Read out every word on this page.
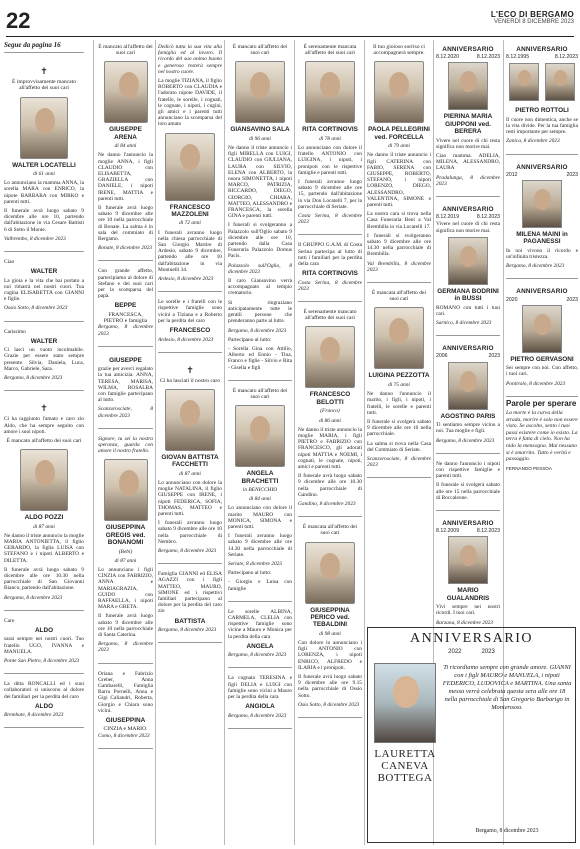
22	L'ECO DI BERGAMO
VENERDÌ 8 DICEMBRE 2023
Segue da pagina 16
✝
È improvvisamente mancato all'affetto dei suoi cari
WALTER LOCATELLI
di 61 anni
Lo annunciano la mamma ANNA, la sorella MARA con ENRICO, la nipote BARBARA con MIRKO e parenti tutti.
Il funerale avrà luogo sabato 9 dicembre alle ore 10, partendo dall'abitazione in via Cesare Battisti 6 di Sotto il Monte.
Valbrembo, 8 dicembre 2023
Ciao
WALTER
La gioia e la vita che hai portato a noi rimarrà nei nostri cuori. Tua cugina ELISABETTA con GIANNI e figlie.
Ossio Sotto, 8 dicembre 2023
Carissimo
WALTER
Ci lasci un vuoto incolmabile. Grazie per essere stato sempre presente. Silvia, Daniela, Luca, Marco, Gabriele, Sara.
Bergamo, 8 dicembre 2023
✝
Ci ha raggiunto l'amato e caro zio Aldo, che ha sempre seguito con amore i suoi nipoti.
È mancato all'affetto dei suoi cari
ALDO POZZI
di 87 anni
Ne danno il triste annuncio la moglie MARIA ANTONIETTA, il figlio GERARDO, la figlia LUISA con STEFANO e i nipoti ALBERTO e DILETTA.
Il funerale avrà luogo sabato 9 dicembre alle ore 10.30 nella parrocchiale di San Giovanni Bianco, partendo dall'abitazione.
Bergamo, 8 dicembre 2023
Caro
ALDO
sarai sempre nei nostri cuori. Tuo fratello UGO, IVANNA e MANUELA.
Ponte San Pietro, 8 dicembre 2023
La ditta RONCALLI ed i suoi collaboratori si uniscono al dolore dei familiari per la perdita del caro
ALDO
Brembate, 8 dicembre 2023
È mancato all'affetto dei suoi cari
GIUSEPPE ARENA
di 84 anni
Ne danno l'annuncio la moglie ANNA, i figli CLAUDIO con ELISABETTA, GRAZIELLA con DANIELE, i nipoti IRENE, MATTIA e parenti tutti.
Il funerale avrà luogo sabato 9 dicembre alle ore 10 nella parrocchiale di Bonate. La salma è in sala del commiato di Bergamo.
Bonate, 8 dicembre 2023
Con grande affetto, partecipiamo al dolore di Stefano e dei suoi cari per la scomparsa del papà.
BEPPE
FRANCESCA, PIETRO e famiglia
Bergamo, 8 dicembre 2023
GIUSEPPE
grazie per averci regalato la tua amicizia. ANNA, TERESA, MARISA, WILMA, ROSALBA con famiglie partecipano al lutto.
Scanzorosciate, 8 dicembre 2023
Signore, tu sei la nostra speranza, guarda con amore il nostro fratello.
GIUSEPPINA GREGIS ved. BONANOMI
(Bebi)
di 87 anni
Lo annunciano i figli CINZIA con FABRIZIO, ANNA e MARIAGRAZIA, GUIDO con RAFFAELLA, i nipoti MARA e GRETA.
Il funerale avrà luogo sabato 9 dicembre alle ore 10 nella parrocchiale di Santa Caterina.
Bergamo, 8 dicembre 2023
Oriana e Fabrizio Greber, Anna Gambarelli, Famiglia Barra Pornelli, Anna e Gigi Caliandri, Roberta, Giorgio e Chiara sono vicini.
GIUSEPPINA
CINZIA e MARIO.
Como, 8 dicembre 2023
Dedicò tutta la sua vita alla famiglia ed al lavoro. Il ricordo del suo animo buono e generoso resterà sempre nel nostro cuore.
La moglie TIZIANA, il figlio ROBERTO con CLAUDIA e l'adorato nipote DAVIDE, il fratello, le sorelle, i cognati, le cognate, i nipoti, i cugini, gli amici e i parenti tutti annunciano la scomparsa del loro amato
FRANCESCO MAZZOLENI
di 72 anni
I funerali avranno luogo nella chiesa parrocchiale di San Giorgio Martire di Ardesio, sabato 9 dicembre, partendo alle ore 10 dall'abitazione in via Montuelli 34.
Ardesio, 8 dicembre 2023
Le sorelle e i fratelli con le rispettive famiglie sono vicini a Tiziana e a Roberto per la perdita del caro
FRANCESCO
Ardesio, 8 dicembre 2023
✝
Ci ha lasciati il nostro caro
GIOVAN BATTISTA FACCHETTI
di 87 anni
Lo annunciano con dolore la moglie NATALINA, il figlio GIUSEPPE con IRENE, i nipoti FEDERICA, SOFIA, THOMAS, MATTEO e parenti tutti.
I funerali avranno luogo sabato 9 dicembre alle ore 10 nella parrocchiale di Nembro.
Bergamo, 8 dicembre 2023
Famiglia GIANNI ed ELISA AGAZZI con i figli MATTEO, MAURO, SIMONE ed i rispettivi familiari partecipano al dolore per la perdita del caro zio
BATTISTA
Bergamo, 8 dicembre 2023
È mancato all'affetto dei suoi cari
GIANSAVINO SALA
di 96 anni
Ne danno il triste annuncio i figli MIRELLA con LUIGI, CLAUDIO con GIULIANA, LAURA con SILVIO, ELENA con ALBERTO, la nuora SIMONETTA, i nipoti MARCO, PATRIZIA, RICCARDO, DIEGO, GIORGIO, CHIARA, MATTEO, ALESSANDRO e FRANCESCA, la sorella GINA e parenti tutti.
I funerali si svolgeranno a Palazzolo sull'Oglio sabato 9 dicembre alle ore 10, partendo dalla Casa Funeraria Palazzolo Domus Pacis.
Palazzolo sull'Oglio, 8 dicembre 2023
Il caro Giansavino verrà accompagnato al tempio crematorio.
Si ringraziano anticipatamente tutte le gentili persone che prenderanno parte al lutto.
Bergamo, 8 dicembre 2023
Partecipano al lutto:
- Sorella Gina con Attilio, Alberto ed Ennio - Tina, Franco e figlie - Silvio e Rita - Gisella e figli
È mancato all'affetto dei suoi cari
ANGELA BRACHETTI
in BENICCHIO
di 84 anni
Lo annunciano con dolore il marito MAURO con MONICA, SIMONA e parenti tutti.
I funerali avranno luogo sabato 9 dicembre alle ore 14.30 nella parrocchiale di Seriate.
Seriate, 8 dicembre 2023
Partecipano al lutto:
- Giorgio e Luisa con famiglie
Le sorelle ALBINA, CARMELA, CLELIA con rispettive famiglie sono vicine a Mauro e Monica per la perdita della cara
ANGELA
Bergamo, 8 dicembre 2023
La cognata TERESINA e figli DELIA e LUIGI con famiglie sono vicini a Mauro per la perdita della cara
ANGIOLA
Bergamo, 8 dicembre 2023
È serenamente mancata all'affetto dei suoi cari
RITA CORTINOVIS
di 78 anni
Lo annunciano con dolore il fratello ANTONIO con LUIGINA, i nipoti, i pronipoti con le rispettive famiglie e parenti tutti.
I funerali avranno luogo sabato 9 dicembre alle ore 15, partendo dall'abitazione in via Don Locatelli 7, per la parrocchiale di Seriate.
Costa Serina, 8 dicembre 2023
Il GRUPPO G.A.M. di Costa Serina partecipa al lutto di tutti i familiari per la perdita della cara
RITA CORTINOVIS
Costa Serina, 8 dicembre 2023
È serenamente mancato all'affetto dei suoi cari
FRANCESCO BELOTTI
(Franco)
di 86 anni
Ne danno il triste annuncio la moglie MARIA, i figli PIETRO e FABRIZIO con FRANCESCO, gli adorati nipoti MATTIA e NOEMI, i cognati, le cognate, nipoti, amici e parenti tutti.
Il funerale avrà luogo sabato 9 dicembre alle ore 10.30 nella parrocchiale di Gandino.
Gandino, 8 dicembre 2023
È mancata all'affetto dei suoi cari
GIUSEPPINA PERICO ved. TEBALDINI
di 98 anni
Con dolore lo annunciano i figli ANTONIO con LORENZA, i nipoti ENRICO, ALFREDO e ILARIA e i pronipoti.
Il funerale avrà luogo sabato 9 dicembre alle ore 9.15 nella parrocchiale di Ossio Sotto.
Osio Sotto, 8 dicembre 2023
Il tuo gioioso sorriso ci accompagnerà sempre.
PAOLA PELLEGRINI ved. FORCELLA
di 79 anni
Ne danno il triste annuncio i figli CATERINA con FABIO, SERENA con GIUSEPPE, ROBERTO, STEFANO, i nipoti LORENZO, DIEGO, ALESSANDRO, VALENTINA, SIMONE e parenti tutti.
La nostra cara si trova nella Casa Funeraria Beni a Val Brembilla in via Locatelli 17.
I funerali si svolgeranno sabato 9 dicembre alle ore 14.30 nella parrocchiale di Brembilla.
Val Brembilla, 8 dicembre 2023
È mancata all'affetto dei suoi cari
LUIGINA PEZZOTTA
di 75 anni
Ne danno l'annuncio il marito, i figli, i nipoti, i fratelli, le sorelle e parenti tutti.
Il funerale si svolgerà sabato 9 dicembre alle ore 10 nella parrocchiale.
La salma si trova nella Casa del Commiato di Seriate.
Scanzorosciate, 8 dicembre 2023
ANNIVERSARIO
8.12.2020	8.12.2023
PIERINA MARIA GIUPPONI ved. BERERA
Vivere nel cuore di chi resta significa non morire mai.
Ciao mamma. ADELIA, MILENA, ALESSANDRO, LAURA
Pradalunga, 8 dicembre 2023
ANNIVERSARIO
8.12.2019	8.12.2023
Vivere nel cuore di chi resta significa non morire mai.
GERMANA BODRINI in BUSSI
ROMANO con tutti i tuoi cari.
Sarnico, 8 dicembre 2023
ANNIVERSARIO
2006	2023
AGOSTINO PARIS
Ti sentiamo sempre vicino a noi. Tua moglie e figli.
Bergamo, 8 dicembre 2023
Ne danno l'annuncio i nipoti con rispettive famiglie e parenti tutti.
Il funerale si svolgerà sabato alle ore 15 nella parrocchiale di Boccaleone.
ANNIVERSARIO
8.12.2009	8.12.2023
MARIO GUALANDRIS
Vivi sempre nei nostri ricordi. I tuoi cari.
Barzana, 8 dicembre 2023
ANNIVERSARIO
8.12.1995	8.12.2023
PIETRO ROTTOLI
Il cuore non dimentica, anche se la vita divide. Per la tua famiglia resti importante per sempre.
Zanica, 8 dicembre 2023
ANNIVERSARIO
2012	2023
MILENA MAINI in PAGANESSI
In noi vivono il ricordo e un'infinita tristezza.
Bergamo, 8 dicembre 2023
ANNIVERSARIO
2020	2023
PIETRO GERVASONI
Sei sempre con noi. Con affetto, i tuoi cari.
Pontirolo, 8 dicembre 2023
Parole per sperare
La morte è la curva della strada, morire è solo non essere visto. Se ascolto, sento i tuoi passi esistere come io esisto. La terra è fatta di cielo. Non ha nido la menzogna. Mai nessuno si è smarrito. Tutto è verità e passaggio.
FERNANDO PESSOA
ANNIVERSARIO
2022	2023
LAURETTA CANEVA BOTTEGA
Ti ricordiamo sempre con grande amore. GIANNI con i figli MAURO e MANUELA, i nipoti FEDERICO, LUDOVICA e MARTINA. Una santa messa verrà celebrata questa sera alle ore 18 nella parrocchiale di San Gregorio Barbarigo in Monterosso.
Bergamo, 8 dicembre 2023
